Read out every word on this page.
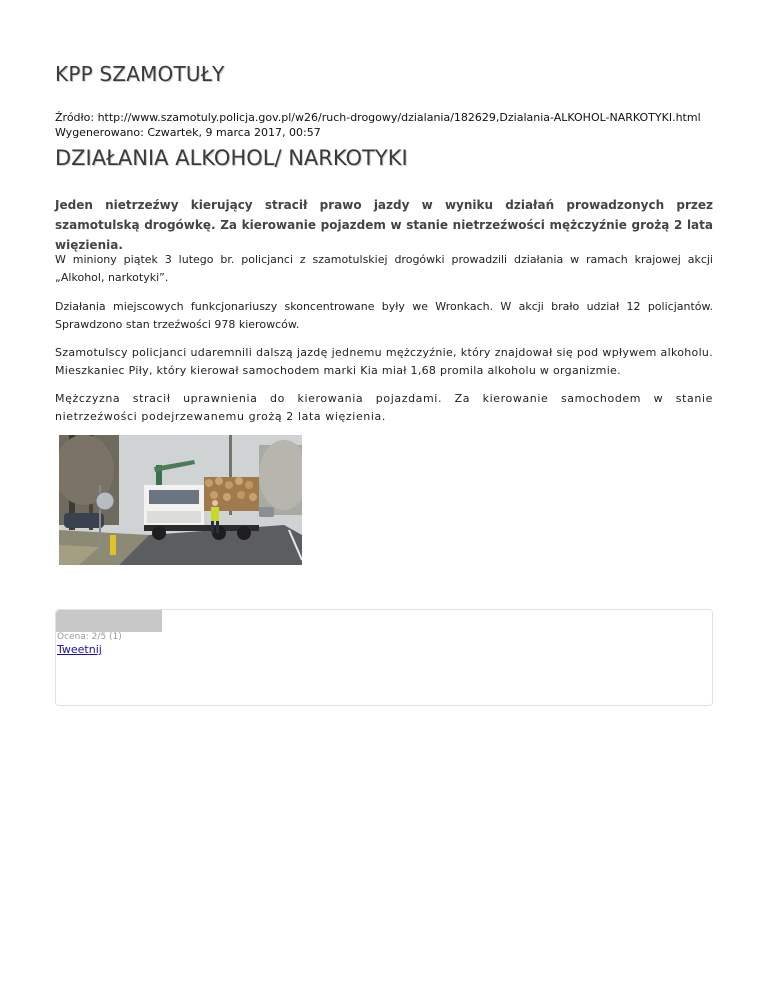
KPP SZAMOTUŁY
Źródło: http://www.szamotuly.policja.gov.pl/w26/ruch-drogowy/dzialania/182629,Dzialania-ALKOHOL-NARKOTYKI.html
Wygenerowano: Czwartek, 9 marca 2017, 00:57
DZIAŁANIA ALKOHOL/ NARKOTYKI

Jeden nietrzeźwy kierujący stracił prawo jazdy w wyniku działań prowadzonych przez szamotulską drogówkę. Za kierowanie pojazdem w stanie nietrzeźwości mężczyźnie grożą 2 lata więzienia.

W miniony piątek 3 lutego br. policjanci z szamotulskiej drogówki prowadzili działania w ramach krajowej akcji „Alkohol, narkotyki”.

Działania miejscowych funkcjonariuszy skoncentrowane były we Wronkach. W akcji brało udział 12 policjantów. Sprawdzono stan trzeźwości 978 kierowców.

Szamotulscy policjanci udaremnili dalszą jazdę jednemu mężczyźnie, który znajdował się pod wpływem alkoholu. Mieszkaniec Piły, który kierował samochodem marki Kia miał 1,68 promila alkoholu w organizmie.

Mężczyzna stracił uprawnienia do kierowania pojazdami. Za kierowanie samochodem w stanie nietrzeźwości podejrzewanemu grożą 2 lata więzienia.

Ocena: 2/5 (1)
Tweetnij
